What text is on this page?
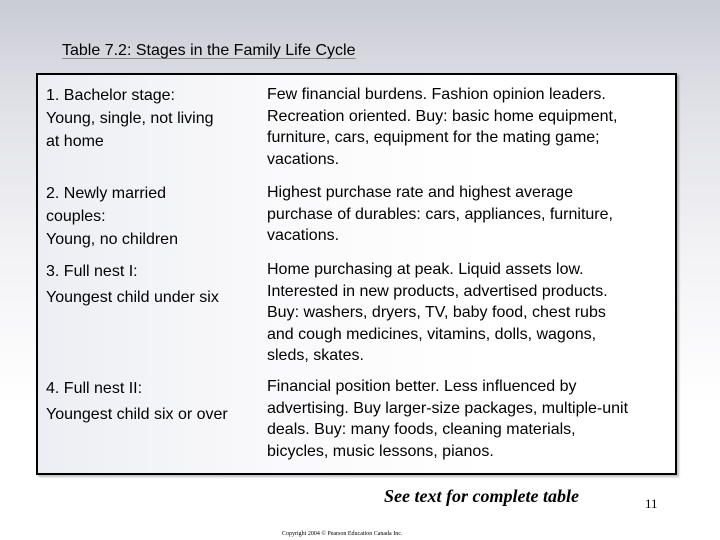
Table 7.2: Stages in the Family Life Cycle
1. Bachelor stage:
Young, single, not living
at home
Few financial burdens. Fashion opinion leaders.
Recreation oriented. Buy: basic home equipment,
furniture, cars, equipment for the mating game;
vacations.
2. Newly married
couples:
Young, no children
Highest purchase rate and highest average
purchase of durables: cars, appliances, furniture,
vacations.
3. Full nest I:
Youngest child under six
Home purchasing at peak. Liquid assets low.
Interested in new products, advertised products.
Buy: washers, dryers, TV, baby food, chest rubs
and cough medicines, vitamins, dolls, wagons,
sleds, skates.
4. Full nest II:
Youngest child six or over
Financial position better. Less influenced by
advertising. Buy larger-size packages, multiple-unit
deals. Buy: many foods, cleaning materials,
bicycles, music lessons, pianos.
See text for complete table	11
Copyright 2004 © Pearson Education Canada Inc.
